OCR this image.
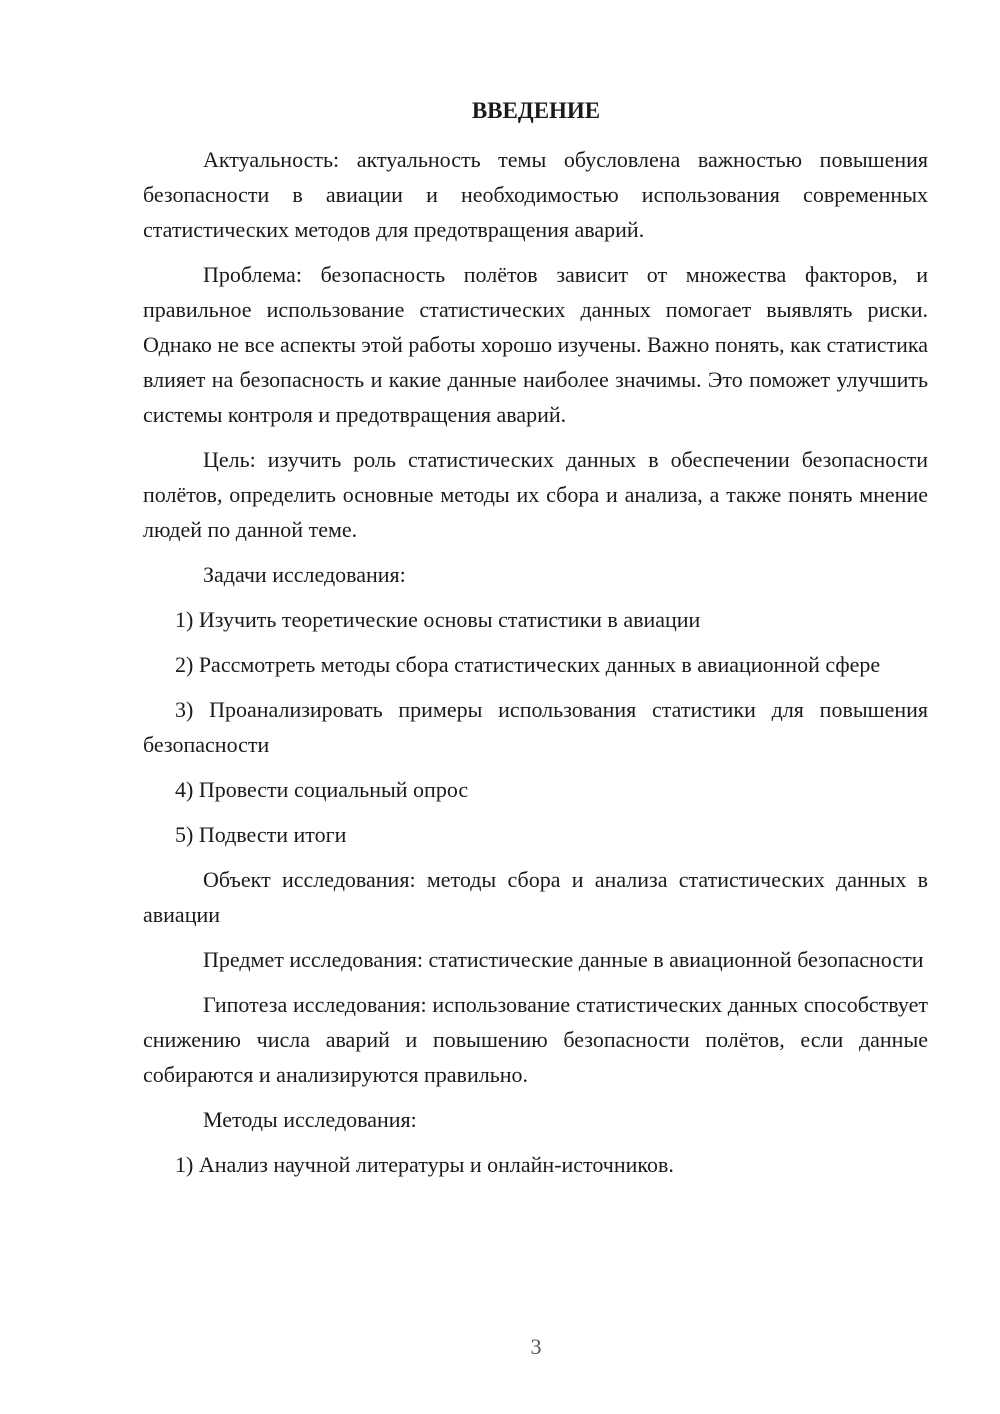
ВВЕДЕНИЕ

Актуальность: актуальность темы обусловлена важностью повышения безопасности в авиации и необходимостью использования современных статистических методов для предотвращения аварий.

Проблема: безопасность полётов зависит от множества факторов, и правильное использование статистических данных помогает выявлять риски. Однако не все аспекты этой работы хорошо изучены. Важно понять, как статистика влияет на безопасность и какие данные наиболее значимы. Это поможет улучшить системы контроля и предотвращения аварий.

Цель: изучить роль статистических данных в обеспечении безопасности полётов, определить основные методы их сбора и анализа, а также понять мнение людей по данной теме.

Задачи исследования:

1) Изучить теоретические основы статистики в авиации

2) Рассмотреть методы сбора статистических данных в авиационной сфере

3) Проанализировать примеры использования статистики для повышения безопасности

4) Провести социальный опрос

5) Подвести итоги

Объект исследования: методы сбора и анализа статистических данных в авиации

Предмет исследования: статистические данные в авиационной безопасности

Гипотеза исследования: использование статистических данных способствует снижению числа аварий и повышению безопасности полётов, если данные собираются и анализируются правильно.

Методы исследования:

1) Анализ научной литературы и онлайн-источников.

3
